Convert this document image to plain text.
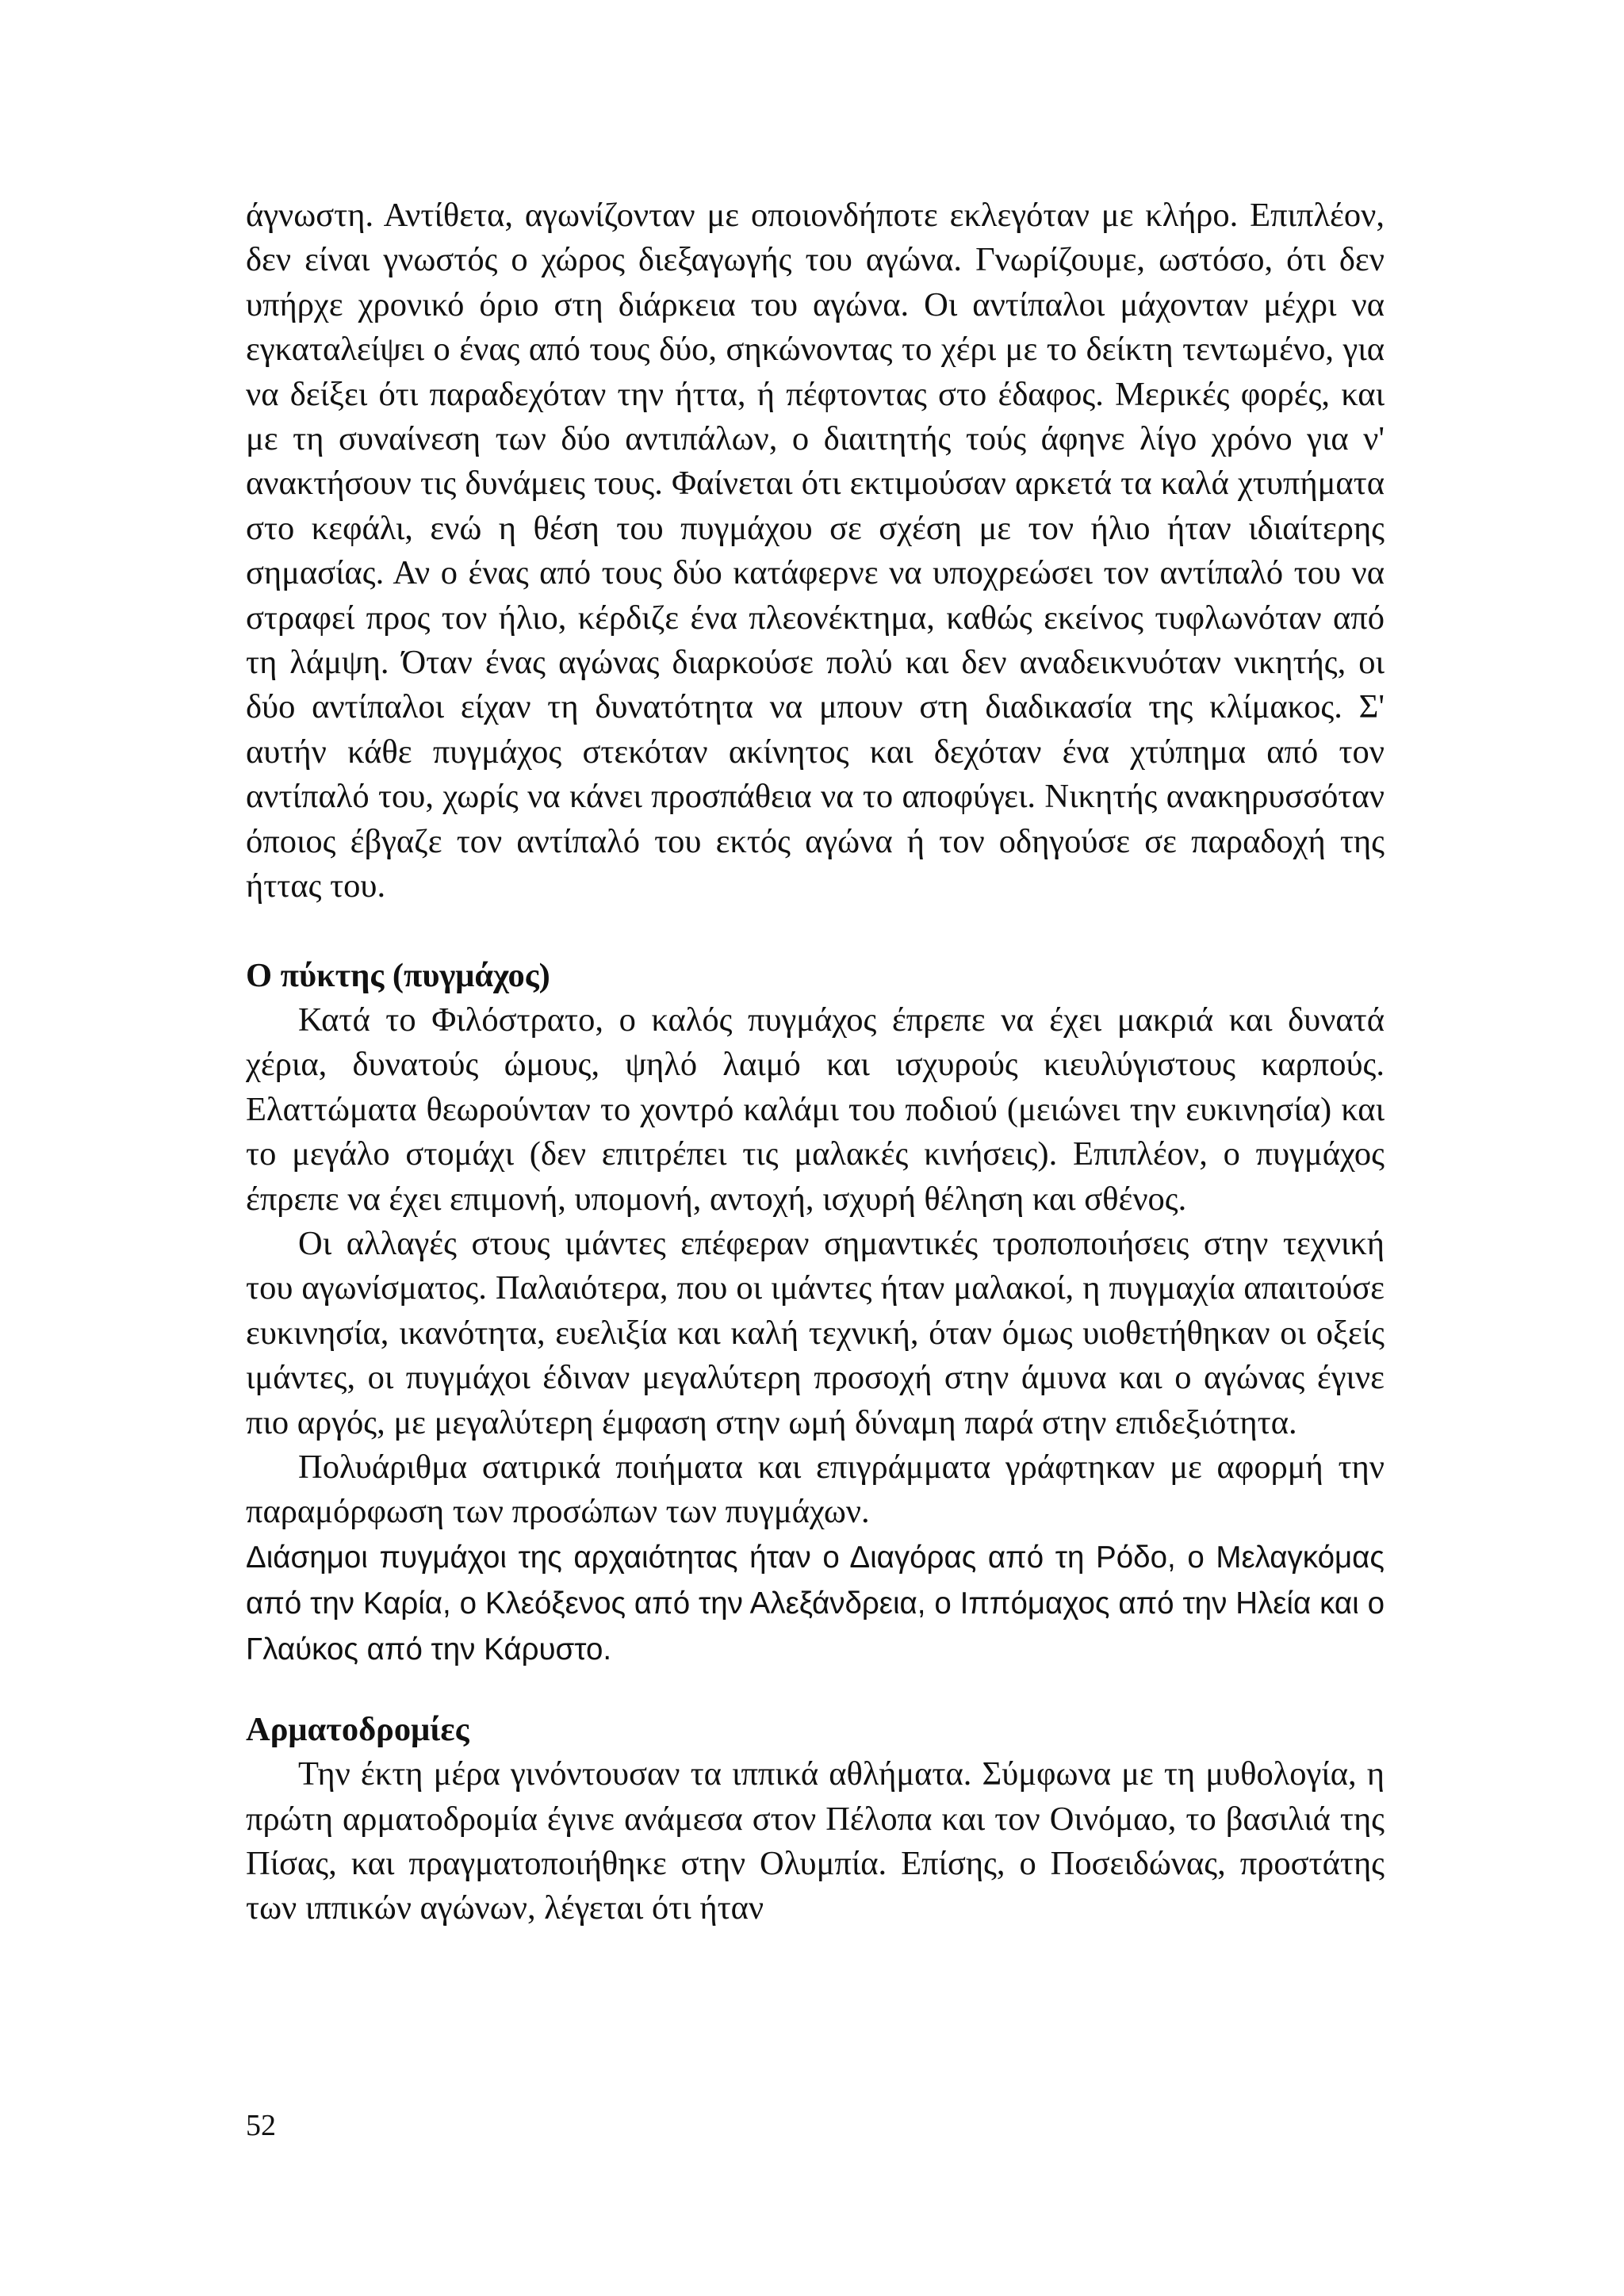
άγνωστη. Αντίθετα, αγωνίζονταν με οποιονδήποτε εκλεγόταν με κλήρο. Επιπλέον, δεν είναι γνωστός ο χώρος διεξαγωγής του αγώνα. Γνωρίζουμε, ωστόσο, ότι δεν υπήρχε χρονικό όριο στη διάρκεια του αγώνα. Οι αντίπαλοι μάχονταν μέχρι να εγκαταλείψει ο ένας από τους δύο, σηκώνοντας το χέρι με το δείκτη τεντωμένο, για να δείξει ότι παραδεχόταν την ήττα, ή πέφτοντας στο έδαφος. Μερικές φορές, και με τη συναίνεση των δύο αντιπάλων, ο διαιτητής τούς άφηνε λίγο χρόνο για ν' ανακτήσουν τις δυνάμεις τους. Φαίνεται ότι εκτιμούσαν αρκετά τα καλά χτυπήματα στο κεφάλι, ενώ η θέση του πυγμάχου σε σχέση με τον ήλιο ήταν ιδιαίτερης σημασίας. Αν ο ένας από τους δύο κατάφερνε να υποχρεώσει τον αντίπαλό του να στραφεί προς τον ήλιο, κέρδιζε ένα πλεονέκτημα, καθώς εκείνος τυφλωνόταν από τη λάμψη. Όταν ένας αγώνας διαρκούσε πολύ και δεν αναδεικνυόταν νικητής, οι δύο αντίπαλοι είχαν τη δυνατότητα να μπουν στη διαδικασία της κλίμακος. Σ' αυτήν κάθε πυγμάχος στεκόταν ακίνητος και δεχόταν ένα χτύπημα από τον αντίπαλό του, χωρίς να κάνει προσπάθεια να το αποφύγει. Νικητής ανακηρυσσόταν όποιος έβγαζε τον αντίπαλό του εκτός αγώνα ή τον οδηγούσε σε παραδοχή της ήττας του.

Ο πύκτης (πυγμάχος)

Κατά το Φιλόστρατο, ο καλός πυγμάχος έπρεπε να έχει μακριά και δυνατά χέρια, δυνατούς ώμους, ψηλό λαιμό και ισχυρούς κιευλύγιστους καρπούς. Ελαττώματα θεωρούνταν το χοντρό καλάμι του ποδιού (μειώνει την ευκινησία) και το μεγάλο στομάχι (δεν επιτρέπει τις μαλακές κινήσεις). Επιπλέον, ο πυγμάχος έπρεπε να έχει επιμονή, υπομονή, αντοχή, ισχυρή θέληση και σθένος.

Οι αλλαγές στους ιμάντες επέφεραν σημαντικές τροποποιήσεις στην τεχνική του αγωνίσματος. Παλαιότερα, που οι ιμάντες ήταν μαλακοί, η πυγμαχία απαιτούσε ευκινησία, ικανότητα, ευελιξία και καλή τεχνική, όταν όμως υιοθετήθηκαν οι οξείς ιμάντες, οι πυγμάχοι έδιναν μεγαλύτερη προσοχή στην άμυνα και ο αγώνας έγινε πιο αργός, με μεγαλύτερη έμφαση στην ωμή δύναμη παρά στην επιδεξιότητα.

Πολυάριθμα σατιρικά ποιήματα και επιγράμματα γράφτηκαν με αφορμή την παραμόρφωση των προσώπων των πυγμάχων.

Διάσημοι πυγμάχοι της αρχαιότητας ήταν ο Διαγόρας από τη Ρόδο, ο Μελαγκόμας από την Καρία, ο Κλεόξενος από την Αλεξάνδρεια, ο Ιππόμαχος από την Ηλεία και ο Γλαύκος από την Κάρυστο.

Αρματοδρομίες

Την έκτη μέρα γινόντουσαν τα ιππικά αθλήματα. Σύμφωνα με τη μυθολογία, η πρώτη αρματοδρομία έγινε ανάμεσα στον Πέλοπα και τον Οινόμαο, το βασιλιά της Πίσας, και πραγματοποιήθηκε στην Ολυμπία. Επίσης, ο Ποσειδώνας, προστάτης των ιππικών αγώνων, λέγεται ότι ήταν

52
